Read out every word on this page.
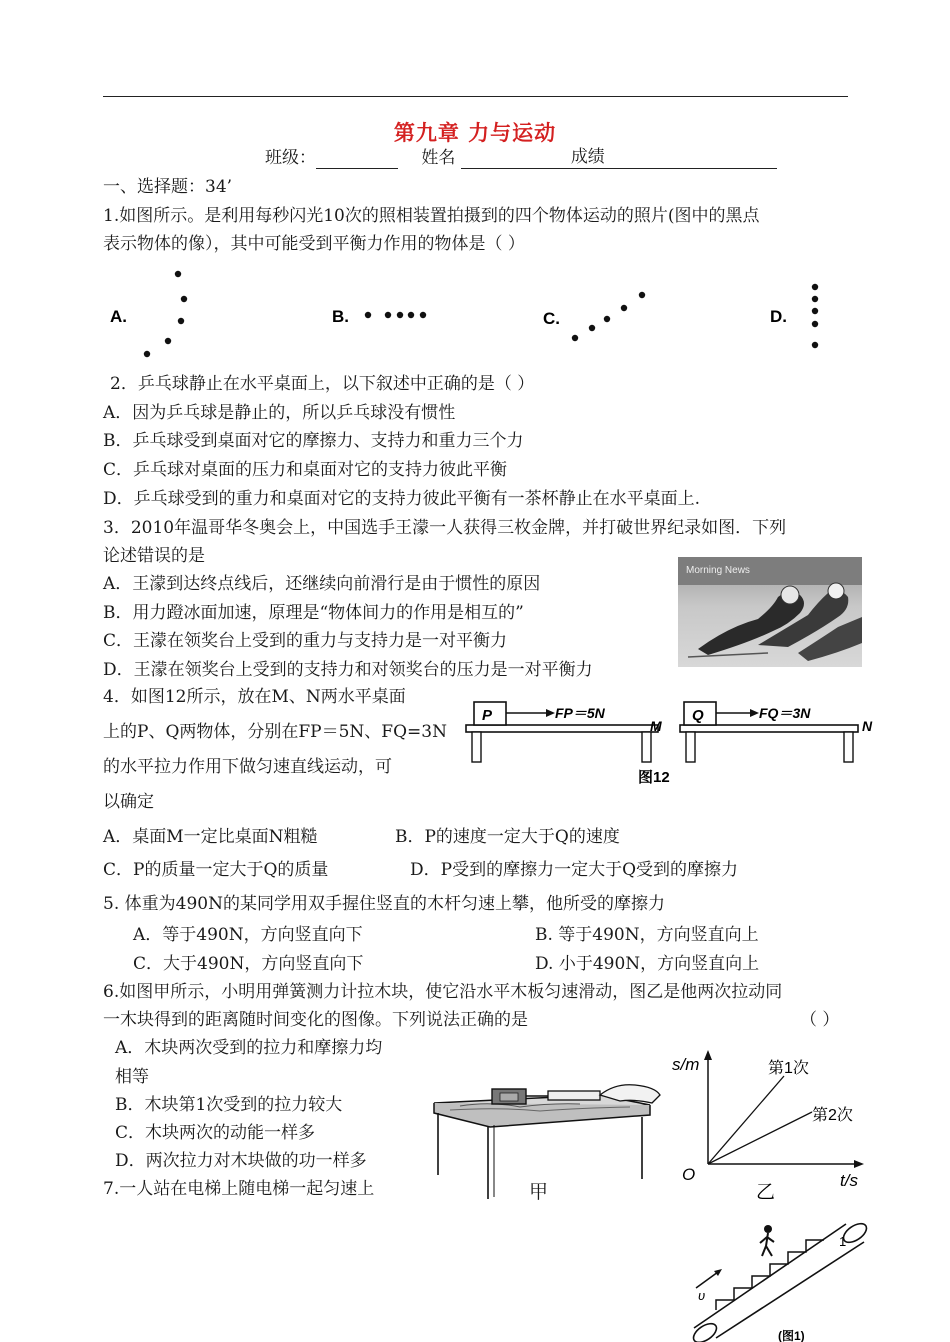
第九章 力与运动
班级：	姓名	成绩
一、选择题：34’
1.如图所示。是利用每秒闪光10次的照相装置拍摄到的四个物体运动的照片(图中的黑点
表示物体的像），其中可能受到平衡力作用的物体是（ ）
A.	B.	C.	D.
2．乒乓球静止在水平桌面上，以下叙述中正确的是（ ）
A．因为乒乓球是静止的，所以乒乓球没有惯性
B．乒乓球受到桌面对它的摩擦力、支持力和重力三个力
C．乒乓球对桌面的压力和桌面对它的支持力彼此平衡
D．乒乓球受到的重力和桌面对它的支持力彼此平衡有一茶杯静止在水平桌面上.
3．2010年温哥华冬奥会上，中国选手王濛一人获得三枚金牌，并打破世界纪录如图．下列
论述错误的是
A．王濛到达终点线后，还继续向前滑行是由于惯性的原因
B．用力蹬冰面加速，原理是“物体间力的作用是相互的”
C．王濛在领奖台上受到的重力与支持力是一对平衡力
D．王濛在领奖台上受到的支持力和对领奖台的压力是一对平衡力
Morning News
4．如图12所示，放在M、N两水平桌面
上的P、Q两物体，分别在FP＝5N、FQ=3N
的水平拉力作用下做匀速直线运动，可
以确定
P	FP＝5N
M
Q	FQ＝3N
N
图12
A．桌面M一定比桌面N粗糙	B．P的速度一定大于Q的速度
C．P的质量一定大于Q的质量	D．P受到的摩擦力一定大于Q受到的摩擦力
5. 体重为490N的某同学用双手握住竖直的木杆匀速上攀，他所受的摩擦力
A．等于490N，方向竖直向下	B. 等于490N，方向竖直向上
C．大于490N，方向竖直向下	D. 小于490N，方向竖直向上
6.如图甲所示，小明用弹簧测力计拉木块，使它沿水平木板匀速滑动，图乙是他两次拉动同
一木块得到的距离随时间变化的图像。下列说法正确的是	（ ）
A．木块两次受到的拉力和摩擦力均
相等
B．木块第1次受到的拉力较大
C．木块两次的动能一样多
D．两次拉力对木块做的功一样多
甲
s/m
O	t/s
第1次
第2次
乙
7.一人站在电梯上随电梯一起匀速上
υ
1
(图1)
